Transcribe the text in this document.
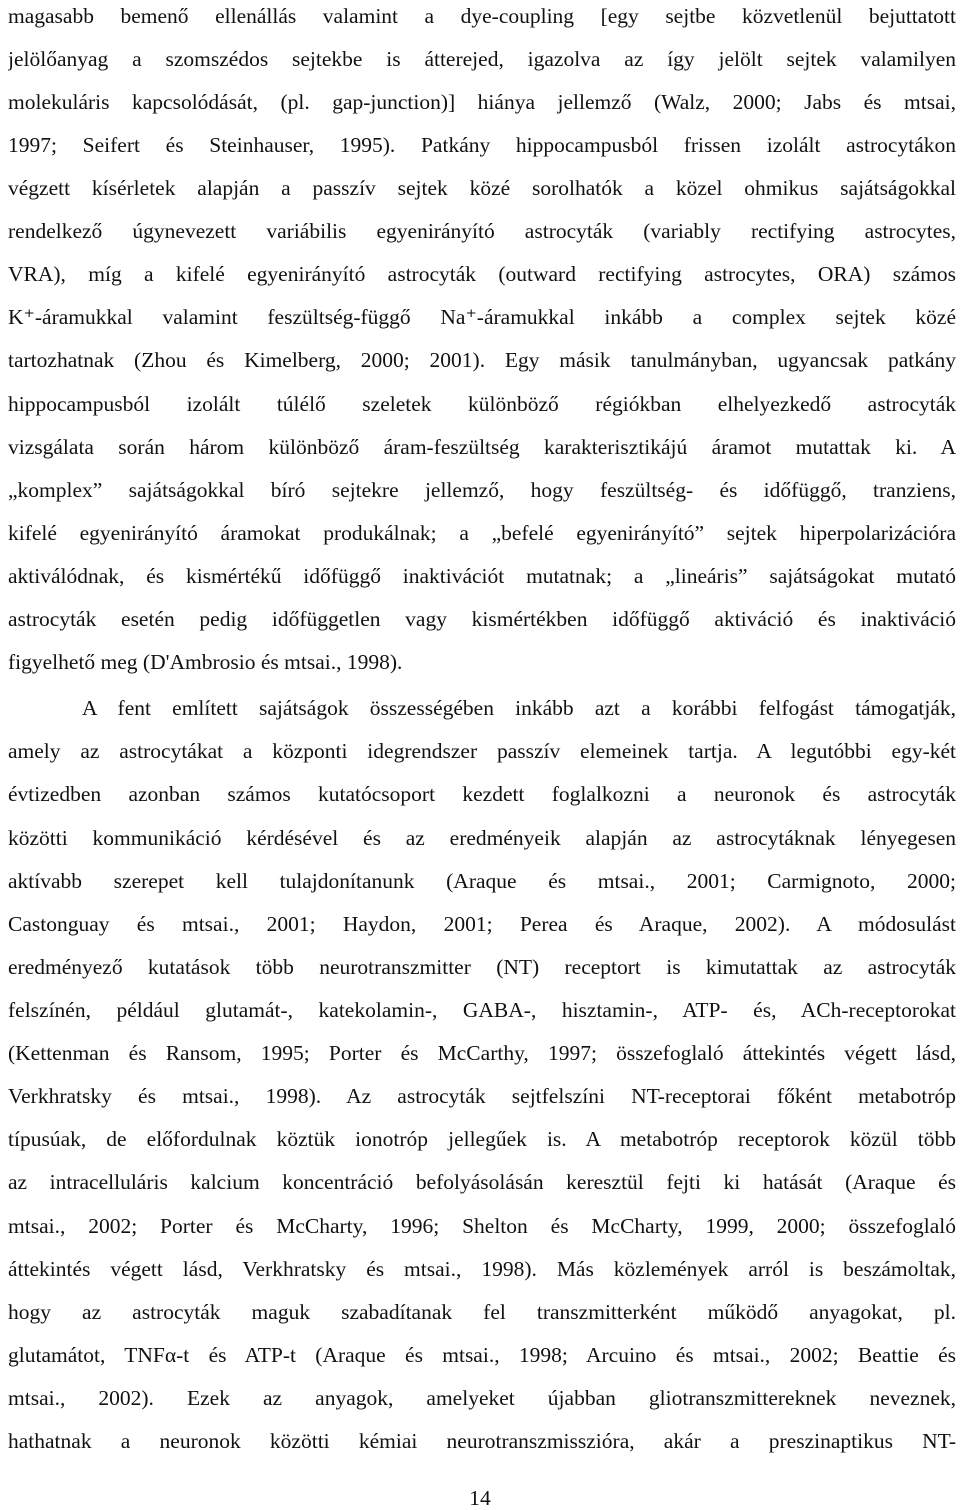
magasabb bemenő ellenállás valamint a dye-coupling [egy sejtbe közvetlenül bejuttatott
jelölőanyag a szomszédos sejtekbe is átterejed, igazolva az így jelölt sejtek valamilyen
molekuláris kapcsolódását, (pl. gap-junction)] hiánya jellemző (Walz, 2000; Jabs és mtsai,
1997; Seifert és Steinhauser, 1995). Patkány hippocampusból frissen izolált astrocytákon
végzett kísérletek alapján a passzív sejtek közé sorolhatók a közel ohmikus sajátságokkal
rendelkező úgynevezett variábilis egyenirányító astrocyták (variably rectifying astrocytes,
VRA), míg a kifelé egyenirányító astrocyták (outward rectifying astrocytes, ORA) számos
K⁺-áramukkal valamint feszültség-függő Na⁺-áramukkal inkább a complex sejtek közé
tartozhatnak (Zhou és Kimelberg, 2000; 2001). Egy másik tanulmányban, ugyancsak patkány
hippocampusból izolált túlélő szeletek különböző régiókban elhelyezkedő astrocyták
vizsgálata során három különböző áram-feszültség karakterisztikájú áramot mutattak ki. A
„komplex” sajátságokkal bíró sejtekre jellemző, hogy feszültség- és időfüggő, tranziens,
kifelé egyenirányító áramokat produkálnak; a „befelé egyenirányító” sejtek hiperpolarizációra
aktiválódnak, és kismértékű időfüggő inaktivációt mutatnak; a „lineáris” sajátságokat mutató
astrocyták esetén pedig időfüggetlen vagy kismértékben időfüggő aktiváció és inaktiváció
figyelhető meg (D'Ambrosio és mtsai., 1998).
A fent említett sajátságok összességében inkább azt a korábbi felfogást támogatják,
amely az astrocytákat a központi idegrendszer passzív elemeinek tartja. A legutóbbi egy-két
évtizedben azonban számos kutatócsoport kezdett foglalkozni a neuronok és astrocyták
közötti kommunikáció kérdésével és az eredményeik alapján az astrocytáknak lényegesen
aktívabb szerepet kell tulajdonítanunk (Araque és mtsai., 2001; Carmignoto, 2000;
Castonguay és mtsai., 2001; Haydon, 2001; Perea és Araque, 2002). A módosulást
eredményező kutatások több neurotranszmitter (NT) receptort is kimutattak az astrocyták
felszínén, például glutamát-, katekolamin-, GABA-, hisztamin-, ATP- és, ACh-receptorokat
(Kettenman és Ransom, 1995; Porter és McCarthy, 1997; összefoglaló áttekintés végett lásd,
Verkhratsky és mtsai., 1998). Az astrocyták sejtfelszíni NT-receptorai főként metabotróp
típusúak, de előfordulnak köztük ionotróp jellegűek is. A metabotróp receptorok közül több
az intracelluláris kalcium koncentráció befolyásolásán keresztül fejti ki hatását (Araque és
mtsai., 2002; Porter és McCharty, 1996; Shelton és McCharty, 1999, 2000; összefoglaló
áttekintés végett lásd, Verkhratsky és mtsai., 1998). Más közlemények arról is beszámoltak,
hogy az astrocyták maguk szabadítanak fel transzmitterként működő anyagokat, pl.
glutamátot, TNFα-t és ATP-t (Araque és mtsai., 1998; Arcuino és mtsai., 2002; Beattie és
mtsai., 2002). Ezek az anyagok, amelyeket újabban gliotranszmittereknek neveznek,
hathatnak a neuronok közötti kémiai neurotranszmisszióra, akár a preszinaptikus NT-
14
